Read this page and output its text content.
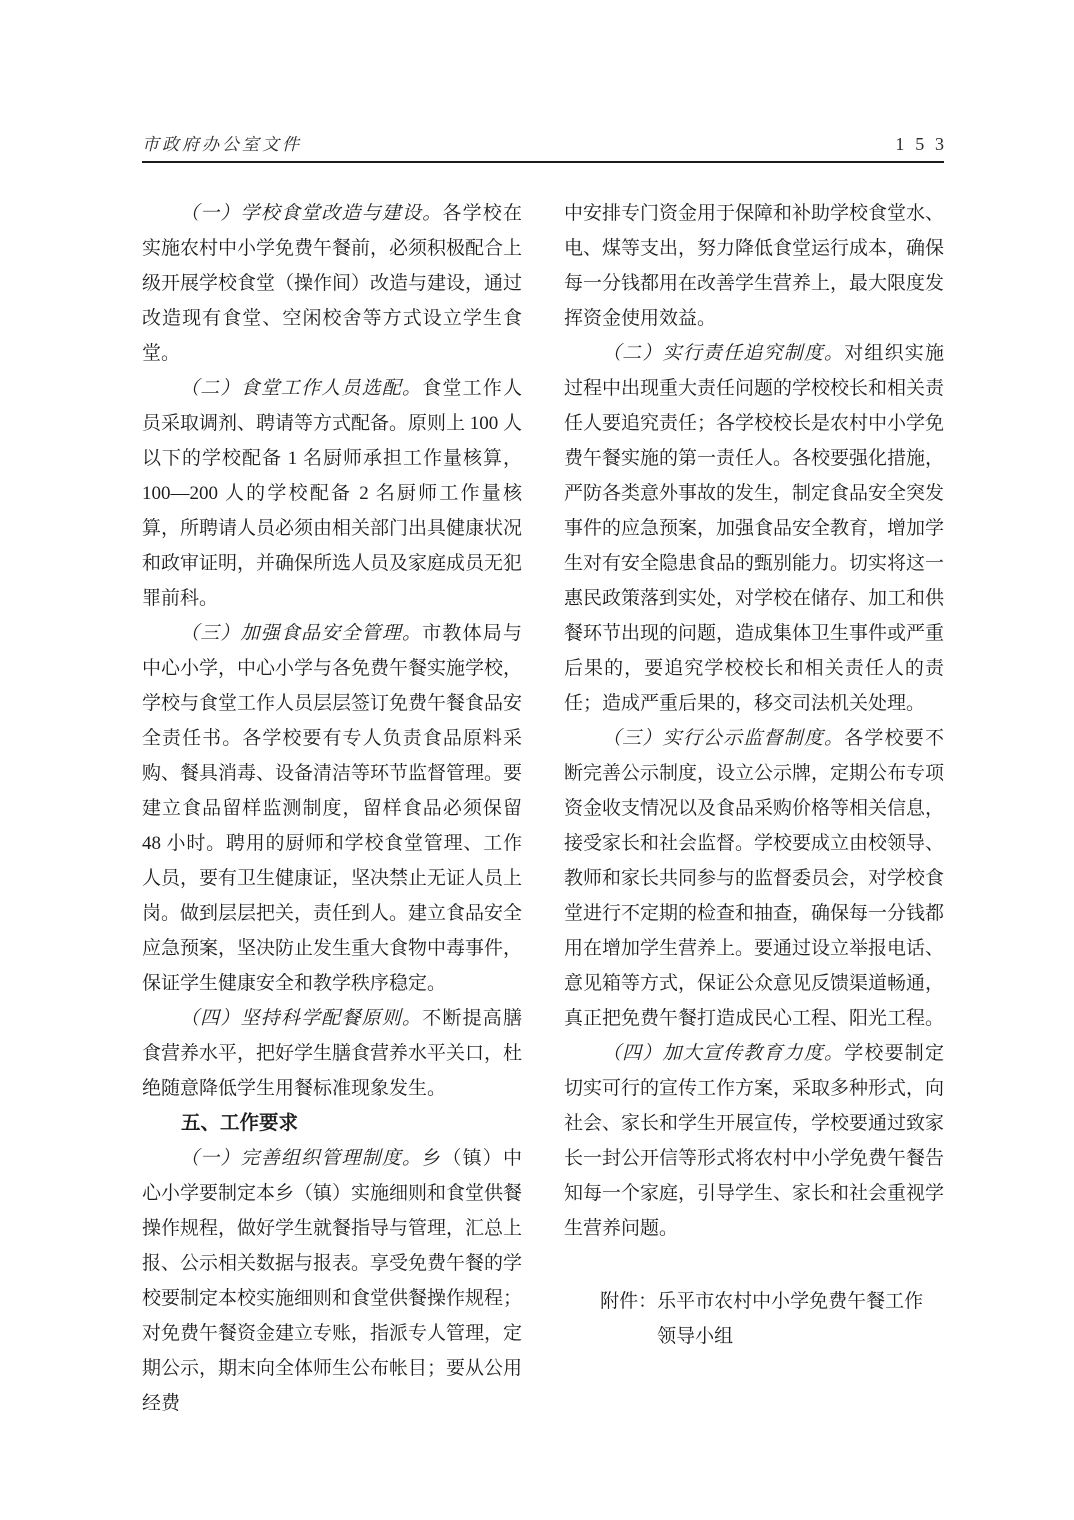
市政府办公室文件	153

（一）学校食堂改造与建设。各学校在实施农村中小学免费午餐前，必须积极配合上级开展学校食堂（操作间）改造与建设，通过改造现有食堂、空闲校舍等方式设立学生食堂。

（二）食堂工作人员选配。食堂工作人员采取调剂、聘请等方式配备。原则上 100 人以下的学校配备 1 名厨师承担工作量核算，100—200 人的学校配备 2 名厨师工作量核算，所聘请人员必须由相关部门出具健康状况和政审证明，并确保所选人员及家庭成员无犯罪前科。

（三）加强食品安全管理。市教体局与中心小学，中心小学与各免费午餐实施学校，学校与食堂工作人员层层签订免费午餐食品安全责任书。各学校要有专人负责食品原料采购、餐具消毒、设备清洁等环节监督管理。要建立食品留样监测制度，留样食品必须保留 48 小时。聘用的厨师和学校食堂管理、工作人员，要有卫生健康证，坚决禁止无证人员上岗。做到层层把关，责任到人。建立食品安全应急预案，坚决防止发生重大食物中毒事件，保证学生健康安全和教学秩序稳定。

（四）坚持科学配餐原则。不断提高膳食营养水平，把好学生膳食营养水平关口，杜绝随意降低学生用餐标准现象发生。

五、工作要求

（一）完善组织管理制度。乡（镇）中心小学要制定本乡（镇）实施细则和食堂供餐操作规程，做好学生就餐指导与管理，汇总上报、公示相关数据与报表。享受免费午餐的学校要制定本校实施细则和食堂供餐操作规程；对免费午餐资金建立专账，指派专人管理，定期公示，期末向全体师生公布帐目；要从公用经费

中安排专门资金用于保障和补助学校食堂水、电、煤等支出，努力降低食堂运行成本，确保每一分钱都用在改善学生营养上，最大限度发挥资金使用效益。

（二）实行责任追究制度。对组织实施过程中出现重大责任问题的学校校长和相关责任人要追究责任；各学校校长是农村中小学免费午餐实施的第一责任人。各校要强化措施，严防各类意外事故的发生，制定食品安全突发事件的应急预案，加强食品安全教育，增加学生对有安全隐患食品的甄别能力。切实将这一惠民政策落到实处，对学校在储存、加工和供餐环节出现的问题，造成集体卫生事件或严重后果的，要追究学校校长和相关责任人的责任；造成严重后果的，移交司法机关处理。

（三）实行公示监督制度。各学校要不断完善公示制度，设立公示牌，定期公布专项资金收支情况以及食品采购价格等相关信息，接受家长和社会监督。学校要成立由校领导、教师和家长共同参与的监督委员会，对学校食堂进行不定期的检查和抽查，确保每一分钱都用在增加学生营养上。要通过设立举报电话、意见箱等方式，保证公众意见反馈渠道畅通，真正把免费午餐打造成民心工程、阳光工程。

（四）加大宣传教育力度。学校要制定切实可行的宣传工作方案，采取多种形式，向社会、家长和学生开展宣传，学校要通过致家长一封公开信等形式将农村中小学免费午餐告知每一个家庭，引导学生、家长和社会重视学生营养问题。

附件：乐平市农村中小学免费午餐工作

领导小组
